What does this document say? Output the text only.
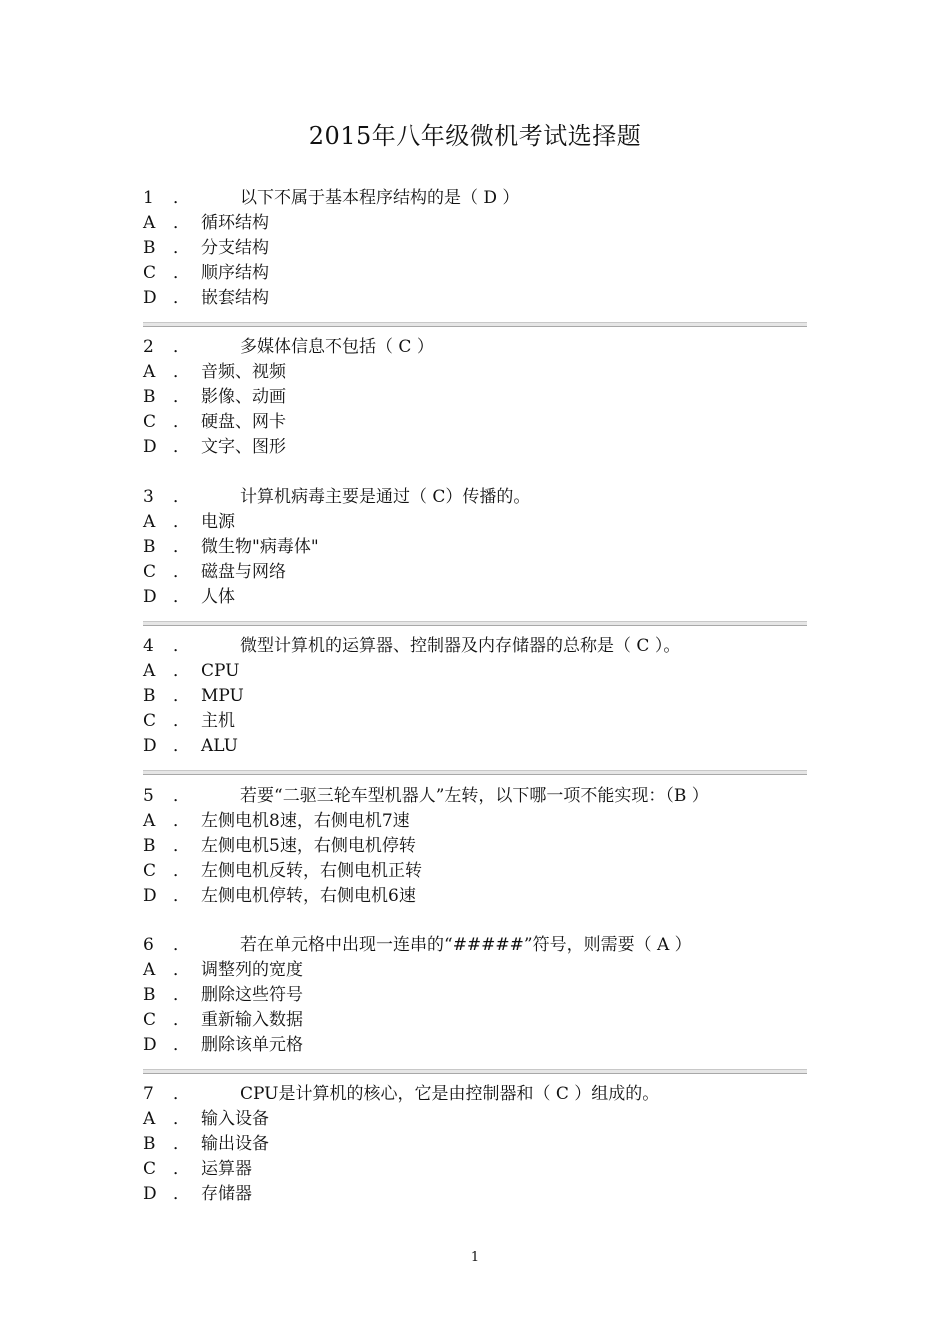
2015年八年级微机考试选择题
1	．	以下不属于基本程序结构的是（ D ）
A	． 循环结构
B	． 分支结构
C ． 顺序结构
D ． 嵌套结构
2	．	多媒体信息不包括（ C ）
A	． 音频、视频
B	． 影像、动画
C ． 硬盘、网卡
D ． 文字、图形
3	．	计算机病毒主要是通过（ C）传播的。
A	． 电源
B	． 微生物"病毒体"
C ． 磁盘与网络
D ． 人体
4	．	微型计算机的运算器、控制器及内存储器的总称是（ C ）。
A	． CPU
B	． MPU
C ． 主机
D ． ALU
5	．	若要“二驱三轮车型机器人”左转，以下哪一项不能实现：（B ）
A	． 左侧电机8速，右侧电机7速
B	． 左侧电机5速，右侧电机停转
C ． 左侧电机反转，右侧电机正转
D ． 左侧电机停转，右侧电机6速
6	．	若在单元格中出现一连串的“#####”符号，则需要（ A ）
A	． 调整列的宽度
B	． 删除这些符号
C ． 重新输入数据
D ． 删除该单元格
7	．	CPU是计算机的核心，它是由控制器和（ C ）组成的。
A	． 输入设备
B	． 输出设备
C ． 运算器
D ． 存储器
1
